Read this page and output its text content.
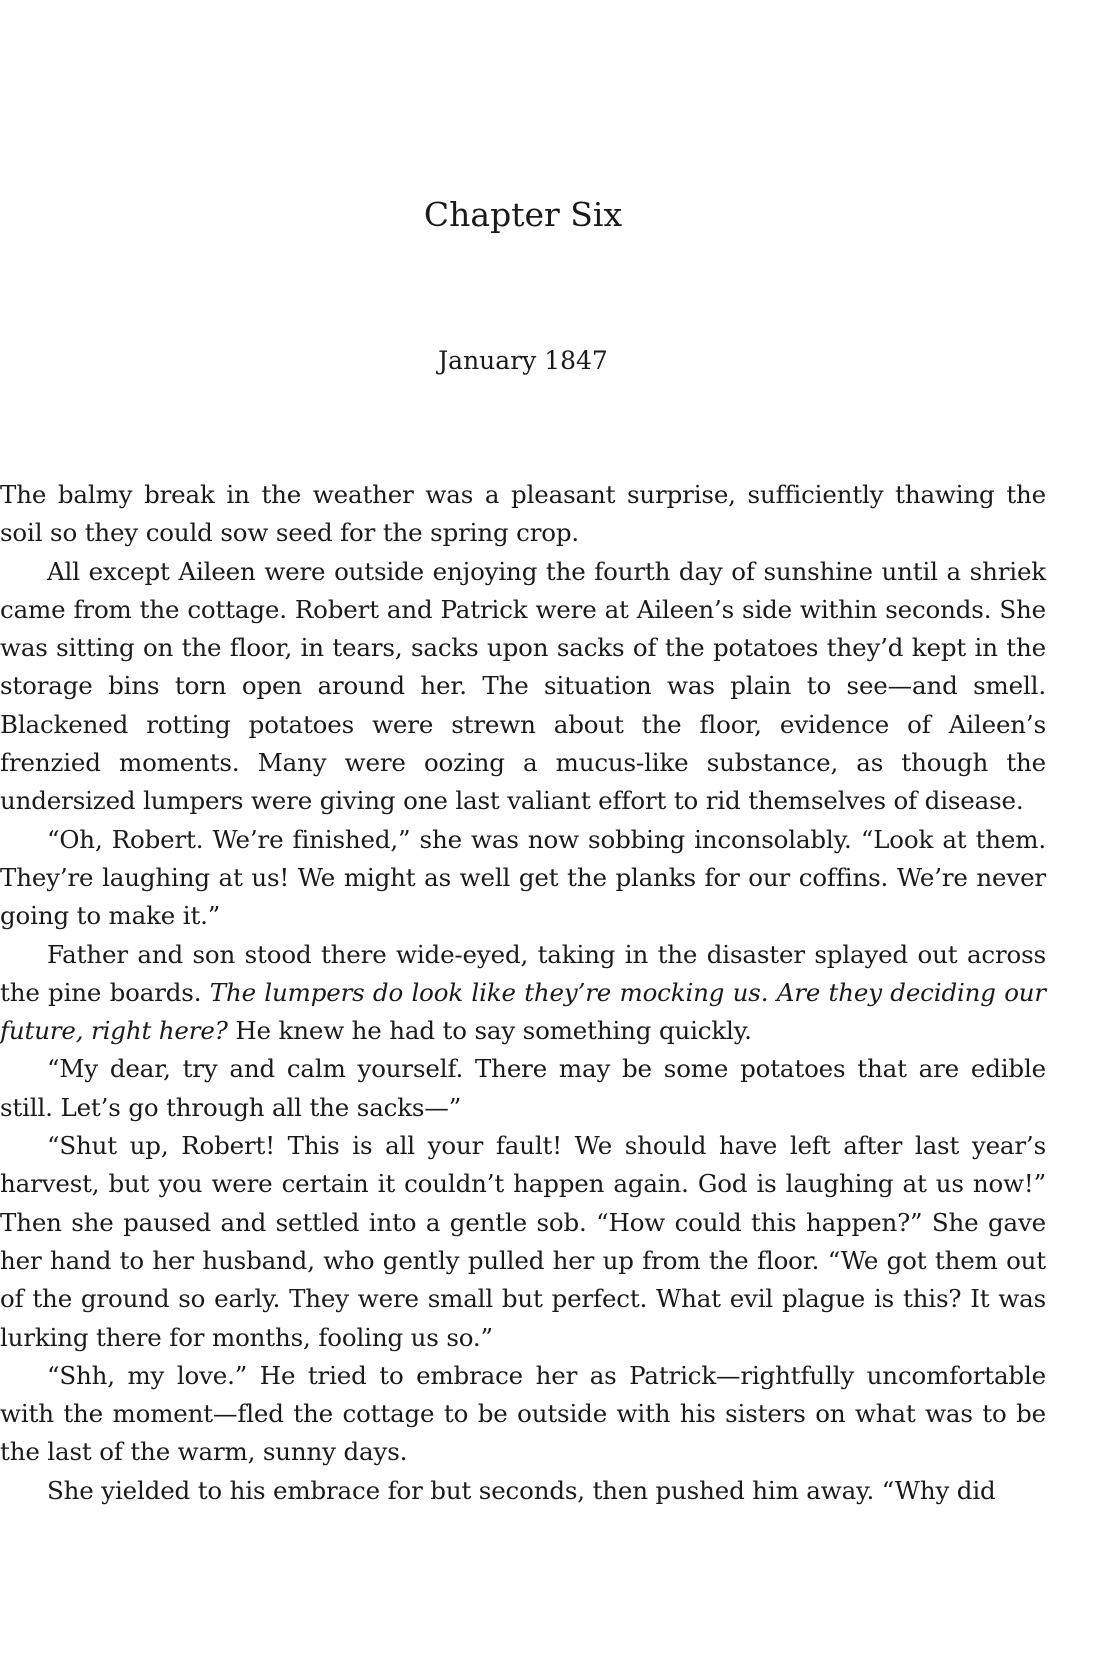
Chapter Six
January 1847

The balmy break in the weather was a pleasant surprise, sufficiently thawing the soil so they could sow seed for the spring crop.

All except Aileen were outside enjoying the fourth day of sunshine until a shriek came from the cottage. Robert and Patrick were at Aileen’s side within seconds. She was sitting on the floor, in tears, sacks upon sacks of the potatoes they’d kept in the storage bins torn open around her. The situation was plain to see—and smell. Blackened rotting potatoes were strewn about the floor, evidence of Aileen’s frenzied moments. Many were oozing a mucus-like substance, as though the undersized lumpers were giving one last valiant effort to rid themselves of disease.

“Oh, Robert. We’re finished,” she was now sobbing inconsolably. “Look at them. They’re laughing at us! We might as well get the planks for our coffins. We’re never going to make it.”

Father and son stood there wide-eyed, taking in the disaster splayed out across the pine boards. The lumpers do look like they’re mocking us. Are they deciding our future, right here? He knew he had to say something quickly.

“My dear, try and calm yourself. There may be some potatoes that are edible still. Let’s go through all the sacks—”

“Shut up, Robert! This is all your fault! We should have left after last year’s harvest, but you were certain it couldn’t happen again. God is laughing at us now!” Then she paused and settled into a gentle sob. “How could this happen?” She gave her hand to her husband, who gently pulled her up from the floor. “We got them out of the ground so early. They were small but perfect. What evil plague is this? It was lurking there for months, fooling us so.”

“Shh, my love.” He tried to embrace her as Patrick—rightfully uncomfortable with the moment—fled the cottage to be outside with his sisters on what was to be the last of the warm, sunny days.

She yielded to his embrace for but seconds, then pushed him away. “Why did
